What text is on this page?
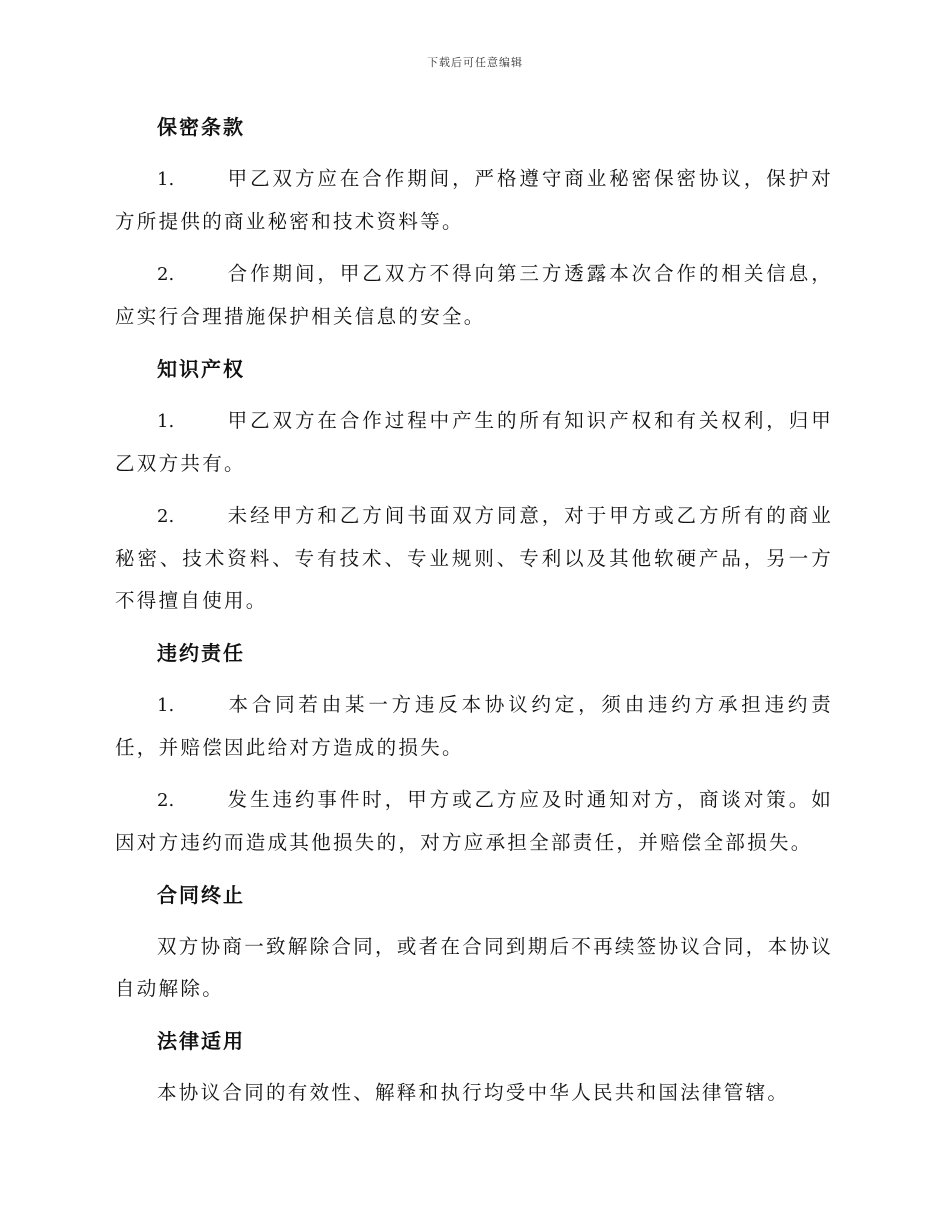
下载后可任意编辑
保密条款

1.	甲乙双方应在合作期间，严格遵守商业秘密保密协议，保护对方所提供的商业秘密和技术资料等。

2.	合作期间，甲乙双方不得向第三方透露本次合作的相关信息，应实行合理措施保护相关信息的安全。

知识产权

1.	甲乙双方在合作过程中产生的所有知识产权和有关权利，归甲乙双方共有。

2.	未经甲方和乙方间书面双方同意，对于甲方或乙方所有的商业秘密、技术资料、专有技术、专业规则、专利以及其他软硬产品，另一方不得擅自使用。

违约责任

1.	本合同若由某一方违反本协议约定，须由违约方承担违约责任，并赔偿因此给对方造成的损失。

2.	发生违约事件时，甲方或乙方应及时通知对方，商谈对策。如因对方违约而造成其他损失的，对方应承担全部责任，并赔偿全部损失。

合同终止

双方协商一致解除合同，或者在合同到期后不再续签协议合同，本协议自动解除。

法律适用

本协议合同的有效性、解释和执行均受中华人民共和国法律管辖。
